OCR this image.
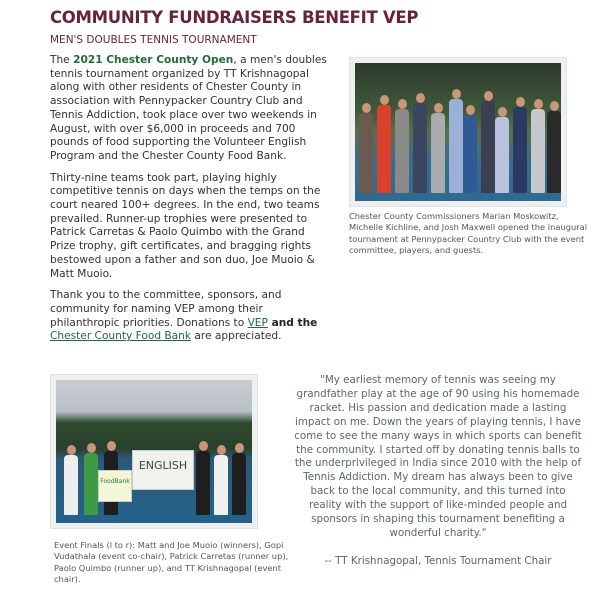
COMMUNITY FUNDRAISERS BENEFIT VEP
MEN'S DOUBLES TENNIS TOURNAMENT

The 2021 Chester County Open, a men's doubles tennis tournament organized by TT Krishnagopal along with other residents of Chester County in association with Pennypacker Country Club and Tennis Addiction, took place over two weekends in August, with over $6,000 in proceeds and 700 pounds of food supporting the Volunteer English Program and the Chester County Food Bank.

Thirty-nine teams took part, playing highly competitive tennis on days when the temps on the court neared 100+ degrees. In the end, two teams prevailed. Runner-up trophies were presented to Patrick Carretas & Paolo Quimbo with the Grand Prize trophy, gift certificates, and bragging rights bestowed upon a father and son duo, Joe Muoio & Matt Muoio.

Thank you to the committee, sponsors, and community for naming VEP among their philanthropic priorities. Donations to VEP and the
Chester County Food Bank are appreciated.

Chester County Commissioners Marian Moskowitz, Michelle Kichline, and Josh Maxwell opened the inaugural tournament at Pennypacker Country Club with the event committee, players, and guests.
ENGLISH
FoodBank
Event Finals (l to r): Matt and Joe Muoio (winners), Gopi Vudathala (event co-chair), Patrick Carretas (runner up), Paolo Quimbo (runner up), and TT Krishnagopal (event chair).
"My earliest memory of tennis was seeing my grandfather play at the age of 90 using his homemade racket. His passion and dedication made a lasting impact on me. Down the years of playing tennis, I have come to see the many ways in which sports can benefit the community. I started off by donating tennis balls to the underprivileged in India since 2010 with the help of Tennis Addiction. My dream has always been to give back to the local community, and this turned into reality with the support of like-minded people and sponsors in shaping this tournament benefiting a wonderful charity."
-- TT Krishnagopal, Tennis Tournament Chair
